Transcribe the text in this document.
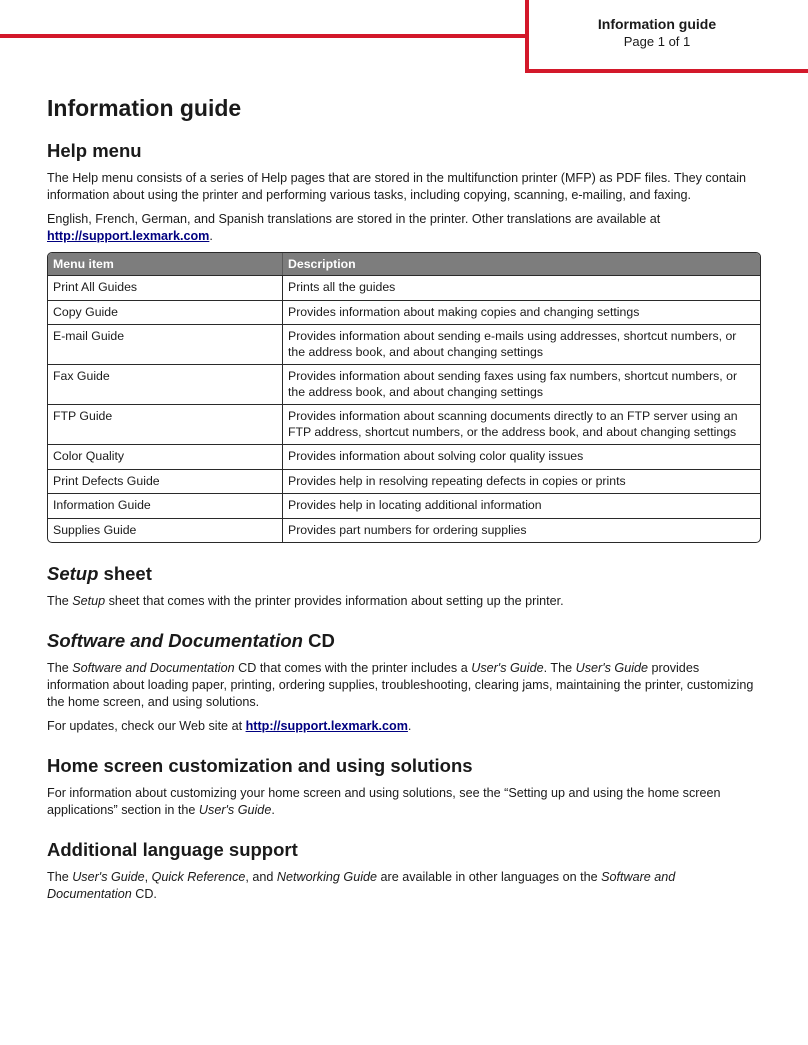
Information guide
Page 1 of 1
Information guide
Help menu

The Help menu consists of a series of Help pages that are stored in the multifunction printer (MFP) as PDF files. They contain information about using the printer and performing various tasks, including copying, scanning, e-mailing, and faxing.

English, French, German, and Spanish translations are stored in the printer. Other translations are available at http://support.lexmark.com.

Menu item	Description
Print All Guides	Prints all the guides
Copy Guide	Provides information about making copies and changing settings
E-mail Guide	Provides information about sending e-mails using addresses, shortcut numbers, or the address book, and about changing settings
Fax Guide	Provides information about sending faxes using fax numbers, shortcut numbers, or the address book, and about changing settings
FTP Guide	Provides information about scanning documents directly to an FTP server using an FTP address, shortcut numbers, or the address book, and about changing settings
Color Quality	Provides information about solving color quality issues
Print Defects Guide	Provides help in resolving repeating defects in copies or prints
Information Guide	Provides help in locating additional information
Supplies Guide	Provides part numbers for ordering supplies
Setup sheet

The Setup sheet that comes with the printer provides information about setting up the printer.

Software and Documentation CD

The Software and Documentation CD that comes with the printer includes a User's Guide. The User's Guide provides information about loading paper, printing, ordering supplies, troubleshooting, clearing jams, maintaining the printer, customizing the home screen, and using solutions.

For updates, check our Web site at http://support.lexmark.com.

Home screen customization and using solutions

For information about customizing your home screen and using solutions, see the “Setting up and using the home screen applications” section in the User's Guide.

Additional language support

The User's Guide, Quick Reference, and Networking Guide are available in other languages on the Software and Documentation CD.
